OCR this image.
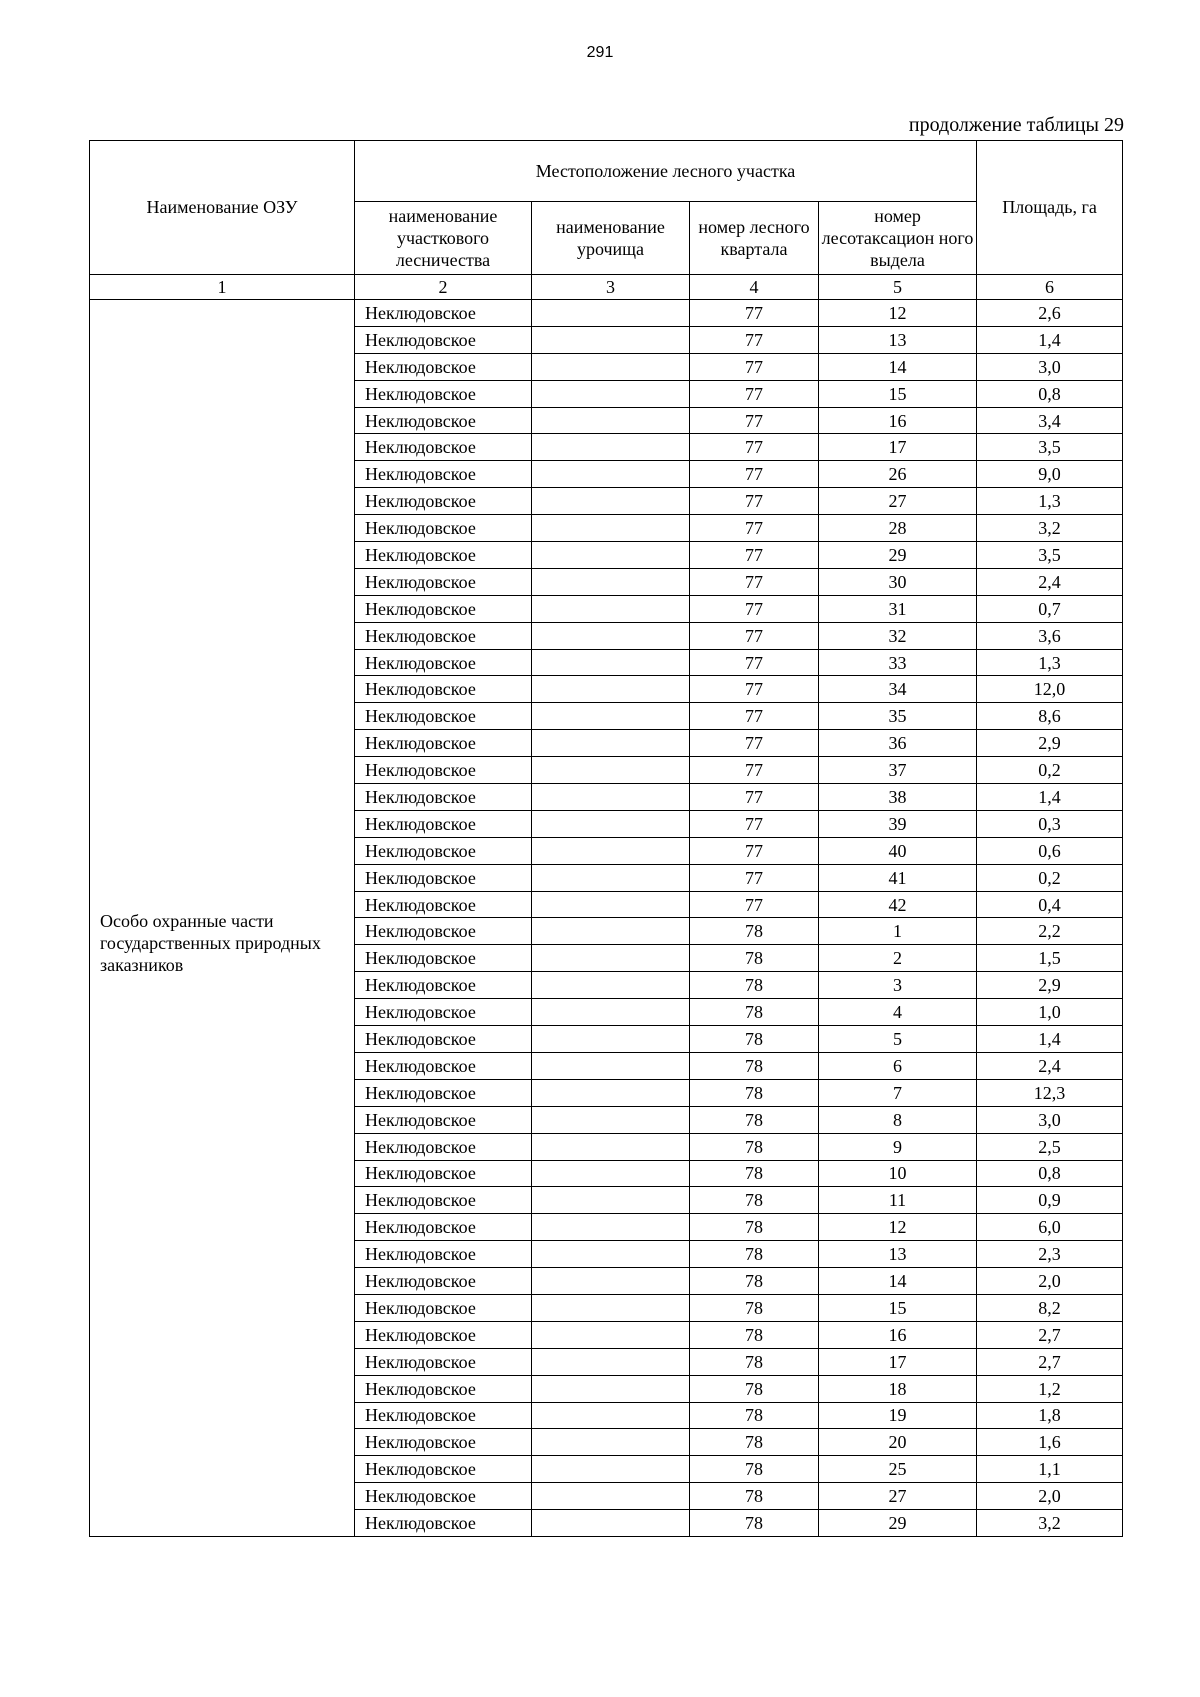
291
продолжение таблицы 29
Наименование ОЗУ	Местоположение лесного участка				Площадь, га
	наименование участкового лесничества	наименование урочища	номер лесного квартала	номер лесотаксацион ного выдела	
1	2	3	4	5	6
Особо охранные части государственных природных заказников	Неклюдовское		77	12	2,6
	Неклюдовское		77	13	1,4
	Неклюдовское		77	14	3,0
	Неклюдовское		77	15	0,8
	Неклюдовское		77	16	3,4
	Неклюдовское		77	17	3,5
	Неклюдовское		77	26	9,0
	Неклюдовское		77	27	1,3
	Неклюдовское		77	28	3,2
	Неклюдовское		77	29	3,5
	Неклюдовское		77	30	2,4
	Неклюдовское		77	31	0,7
	Неклюдовское		77	32	3,6
	Неклюдовское		77	33	1,3
	Неклюдовское		77	34	12,0
	Неклюдовское		77	35	8,6
	Неклюдовское		77	36	2,9
	Неклюдовское		77	37	0,2
	Неклюдовское		77	38	1,4
	Неклюдовское		77	39	0,3
	Неклюдовское		77	40	0,6
	Неклюдовское		77	41	0,2
	Неклюдовское		77	42	0,4
	Неклюдовское		78	1	2,2
	Неклюдовское		78	2	1,5
	Неклюдовское		78	3	2,9
	Неклюдовское		78	4	1,0
	Неклюдовское		78	5	1,4
	Неклюдовское		78	6	2,4
	Неклюдовское		78	7	12,3
	Неклюдовское		78	8	3,0
	Неклюдовское		78	9	2,5
	Неклюдовское		78	10	0,8
	Неклюдовское		78	11	0,9
	Неклюдовское		78	12	6,0
	Неклюдовское		78	13	2,3
	Неклюдовское		78	14	2,0
	Неклюдовское		78	15	8,2
	Неклюдовское		78	16	2,7
	Неклюдовское		78	17	2,7
	Неклюдовское		78	18	1,2
	Неклюдовское		78	19	1,8
	Неклюдовское		78	20	1,6
	Неклюдовское		78	25	1,1
	Неклюдовское		78	27	2,0
	Неклюдовское		78	29	3,2
